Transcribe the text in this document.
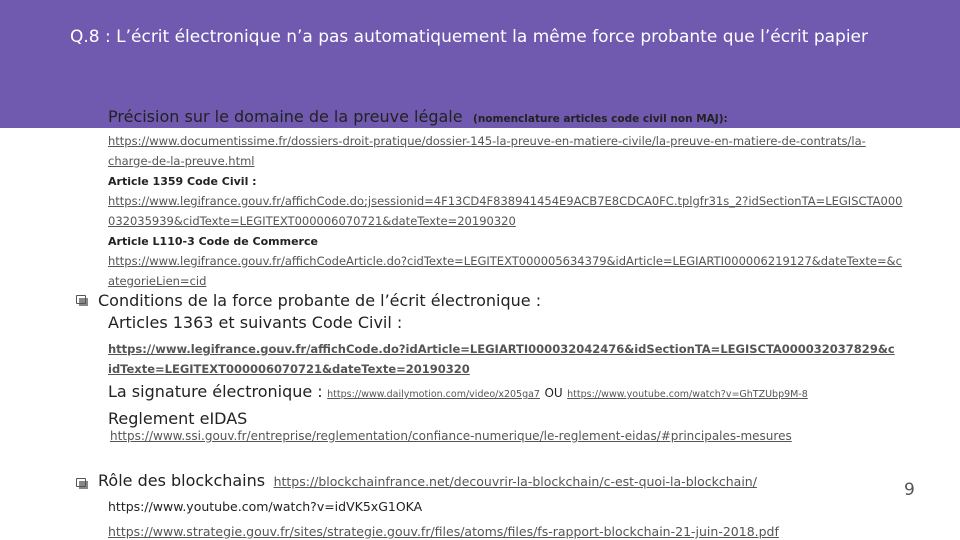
Q.8 : L’écrit électronique n’a pas automatiquement la même force probante que l’écrit papier
Précision sur le domaine de la preuve légale (nomenclature articles code civil non MAJ):
https://www.documentissime.fr/dossiers-droit-pratique/dossier-145-la-preuve-en-matiere-civile/la-preuve-en-matiere-de-contrats/la-charge-de-la-preuve.html
Article 1359 Code Civil :
https://www.legifrance.gouv.fr/affichCode.do;jsessionid=4F13CD4F838941454E9ACB7E8CDCA0FC.tplgfr31s_2?idSectionTA=LEGISCTA000032035939&cidTexte=LEGITEXT000006070721&dateTexte=20190320
Article L110-3 Code de Commerce
https://www.legifrance.gouv.fr/affichCodeArticle.do?cidTexte=LEGITEXT000005634379&idArticle=LEGIARTI000006219127&dateTexte=&categorieLien=cid
Conditions de la force probante de l’écrit électronique :
Articles 1363 et suivants Code Civil :
https://www.legifrance.gouv.fr/affichCode.do?idArticle=LEGIARTI000032042476&idSectionTA=LEGISCTA000032037829&cidTexte=LEGITEXT000006070721&dateTexte=20190320
La signature électronique : https://www.dailymotion.com/video/x205ga7 OU https://www.youtube.com/watch?v=GhTZUbp9M-8
Reglement eIDAS
https://www.ssi.gouv.fr/entreprise/reglementation/confiance-numerique/le-reglement-eidas/#principales-mesures
Rôle des blockchains https://blockchainfrance.net/decouvrir-la-blockchain/c-est-quoi-la-blockchain/
https://www.youtube.com/watch?v=idVK5xG1OKA
https://www.strategie.gouv.fr/sites/strategie.gouv.fr/files/atoms/files/fs-rapport-blockchain-21-juin-2018.pdf
9
